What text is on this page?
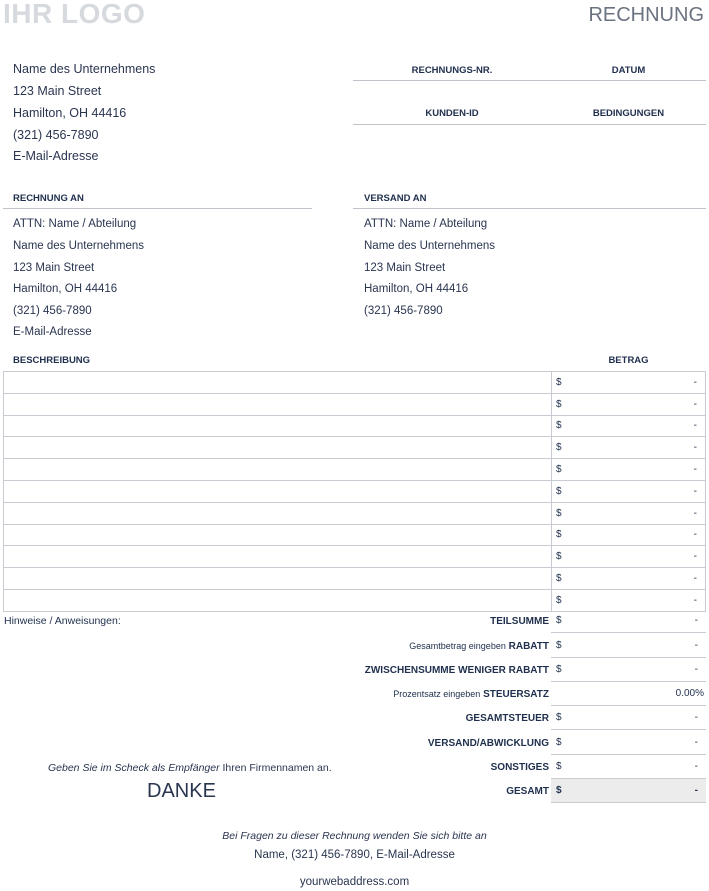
IHR LOGO	RECHNUNG
Name des Unternehmens
123 Main Street
Hamilton, OH 44416
(321) 456-7890
E-Mail-Adresse
RECHNUNGS-NR.	DATUM
KUNDEN-ID	BEDINGUNGEN
RECHNUNG AN
ATTN: Name / Abteilung
Name des Unternehmens
123 Main Street
Hamilton, OH 44416
(321) 456-7890
E-Mail-Adresse
VERSAND AN
ATTN: Name / Abteilung
Name des Unternehmens
123 Main Street
Hamilton, OH 44416
(321) 456-7890
BESCHREIBUNG	BETRAG

	$ -

	$ -

	$ -

	$ -

	$ -

	$ -

	$ -

	$ -

	$ -

	$ -

	$ -
Hinweise / Anweisungen:	TEILSUMME $	-
Gesamtbetrag eingeben RABATT $	-
ZWISCHENSUMME WENIGER RABATT $	-
Prozentsatz eingeben STEUERSATZ	0.00%
GESAMTSTEUER $	-
VERSAND/ABWICKLUNG $	-
SONSTIGES $	-
GESAMT $	-
Geben Sie im Scheck als Empfänger Ihren Firmennamen an.
DANKE
Bei Fragen zu dieser Rechnung wenden Sie sich bitte an
Name, (321) 456-7890, E-Mail-Adresse
yourwebaddress.com
